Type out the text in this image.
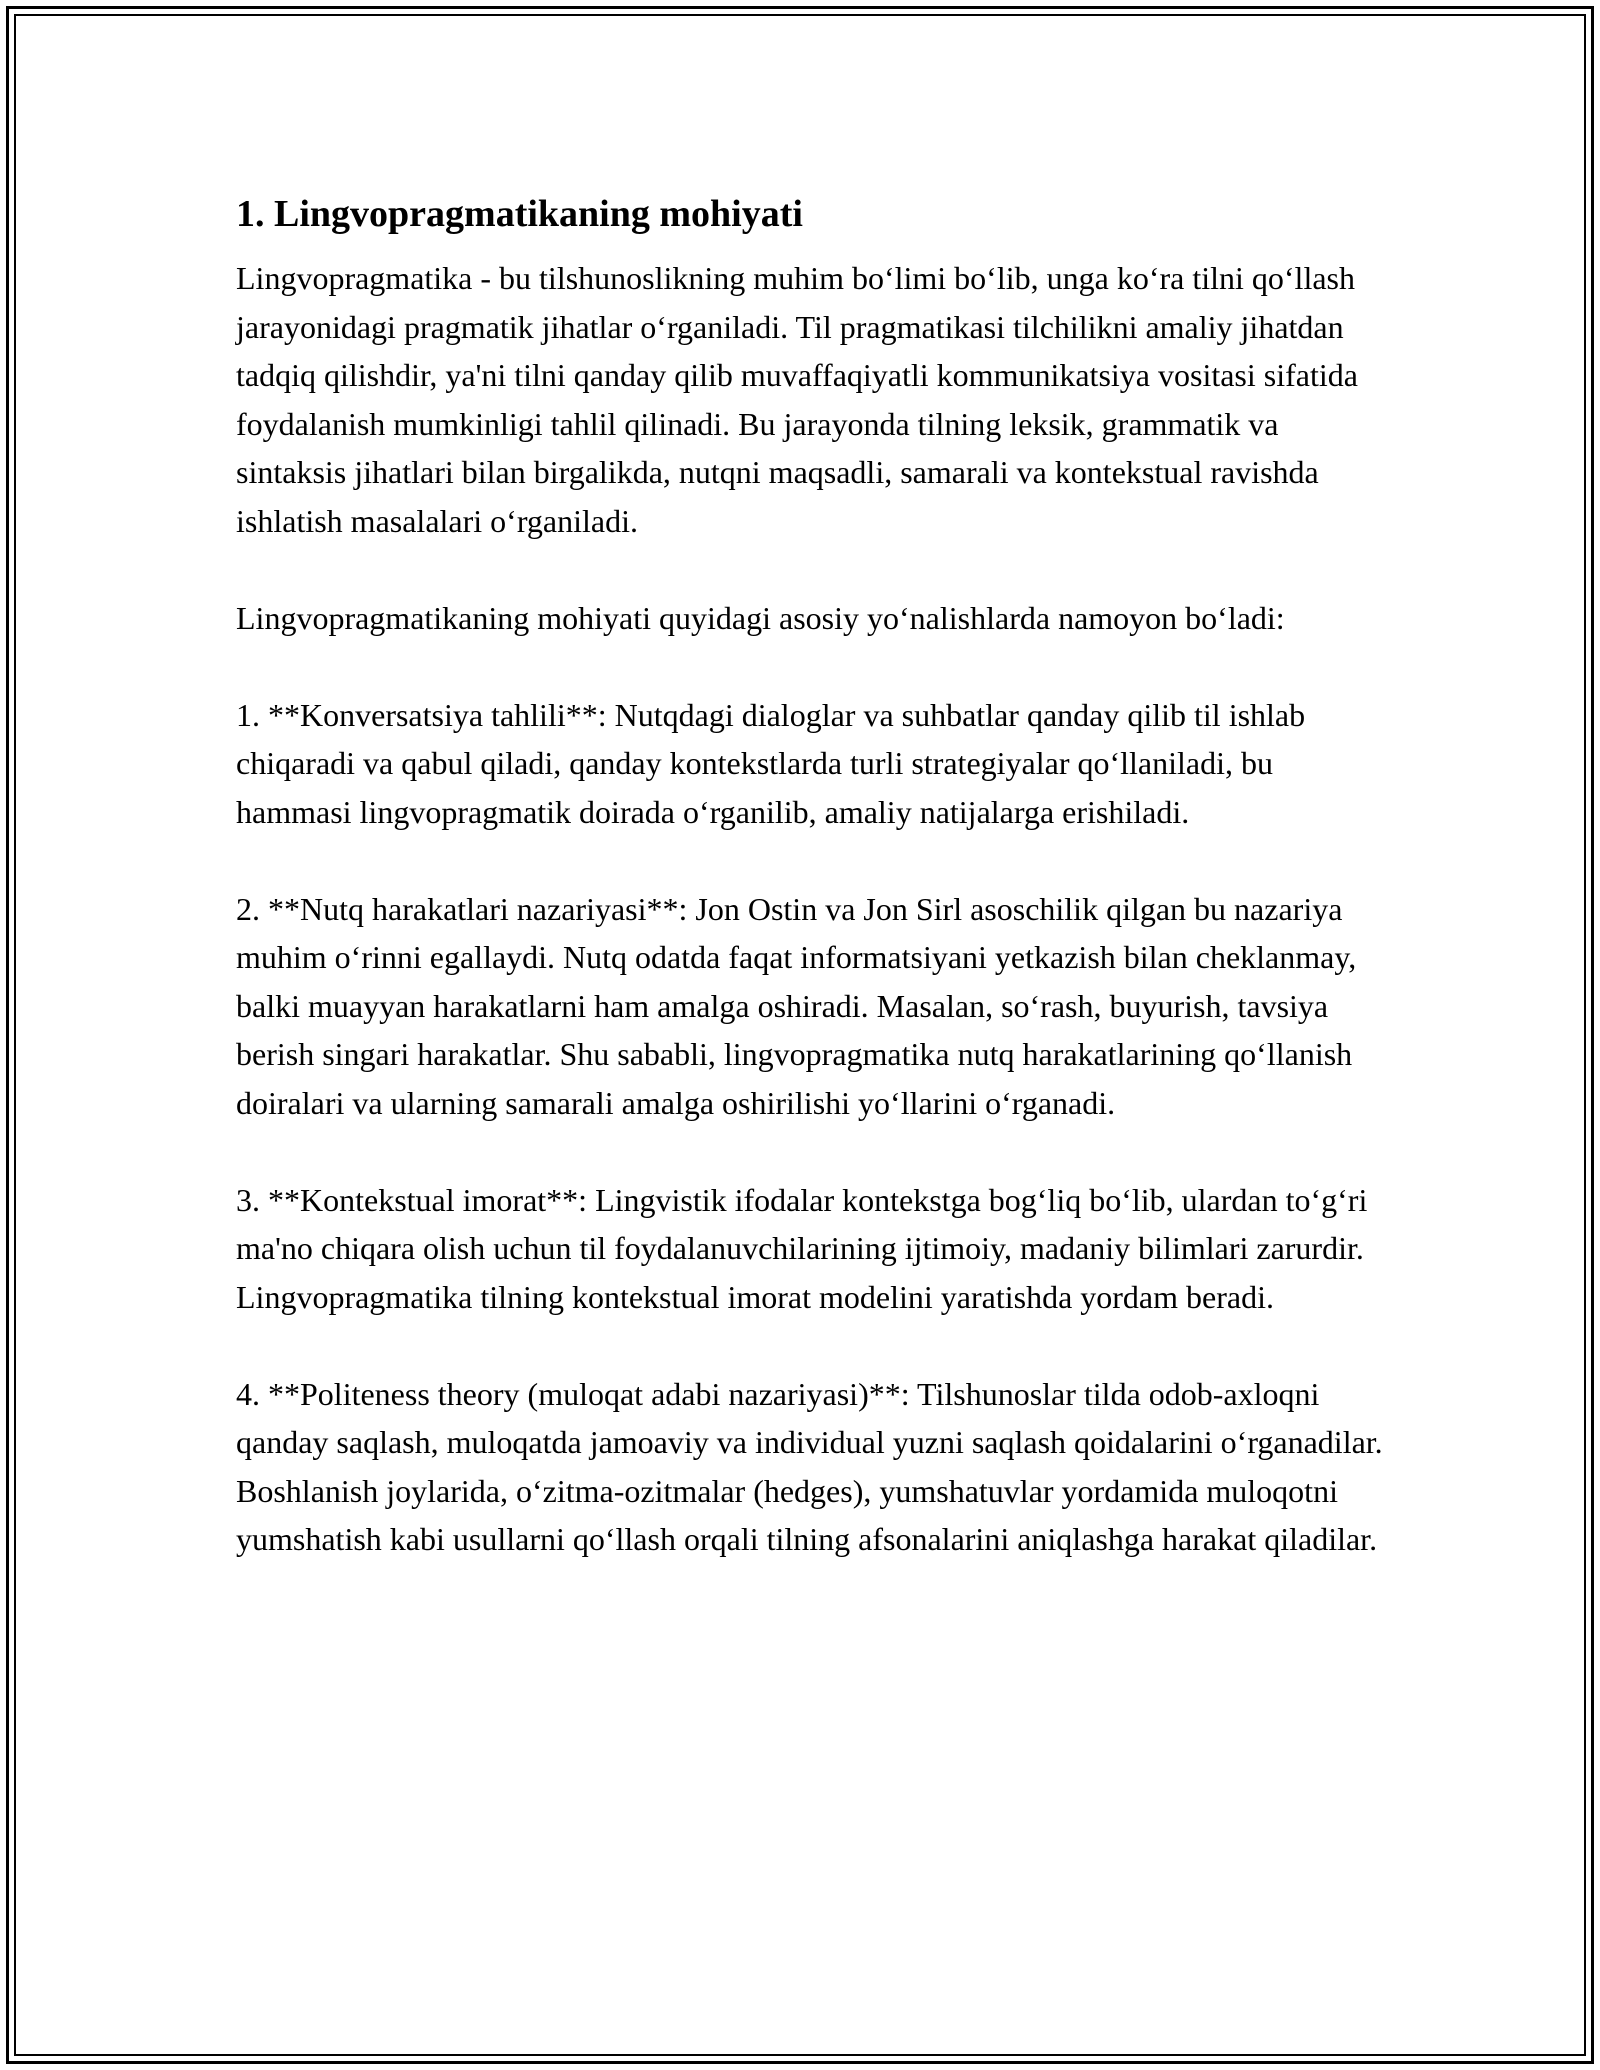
1. Lingvopragmatikaning mohiyati

Lingvopragmatika - bu tilshunoslikning muhim bo‘limi bo‘lib, unga ko‘ra tilni qo‘llash jarayonidagi pragmatik jihatlar o‘rganiladi. Til pragmatikasi tilchilikni amaliy jihatdan tadqiq qilishdir, ya'ni tilni qanday qilib muvaffaqiyatli kommunikatsiya vositasi sifatida foydalanish mumkinligi tahlil qilinadi. Bu jarayonda tilning leksik, grammatik va sintaksis jihatlari bilan birgalikda, nutqni maqsadli, samarali va kontekstual ravishda ishlatish masalalari o‘rganiladi.

Lingvopragmatikaning mohiyati quyidagi asosiy yo‘nalishlarda namoyon bo‘ladi:

1. **Konversatsiya tahlili**: Nutqdagi dialoglar va suhbatlar qanday qilib til ishlab chiqaradi va qabul qiladi, qanday kontekstlarda turli strategiyalar qo‘llaniladi, bu hammasi lingvopragmatik doirada o‘rganilib, amaliy natijalarga erishiladi.

2. **Nutq harakatlari nazariyasi**: Jon Ostin va Jon Sirl asoschilik qilgan bu nazariya muhim o‘rinni egallaydi. Nutq odatda faqat informatsiyani yetkazish bilan cheklanmay, balki muayyan harakatlarni ham amalga oshiradi. Masalan, so‘rash, buyurish, tavsiya berish singari harakatlar. Shu sababli, lingvopragmatika nutq harakatlarining qo‘llanish doiralari va ularning samarali amalga oshirilishi yo‘llarini o‘rganadi.

3. **Kontekstual imorat**: Lingvistik ifodalar kontekstga bog‘liq bo‘lib, ulardan to‘g‘ri ma'no chiqara olish uchun til foydalanuvchilarining ijtimoiy, madaniy bilimlari zarurdir. Lingvopragmatika tilning kontekstual imorat modelini yaratishda yordam beradi.

4. **Politeness theory (muloqat adabi nazariyasi)**: Tilshunoslar tilda odob-axloqni qanday saqlash, muloqatda jamoaviy va individual yuzni saqlash qoidalarini o‘rganadilar. Boshlanish joylarida, o‘zitma-ozitmalar (hedges), yumshatuvlar yordamida muloqotni yumshatish kabi usullarni qo‘llash orqali tilning afsonalarini aniqlashga harakat qiladilar.
